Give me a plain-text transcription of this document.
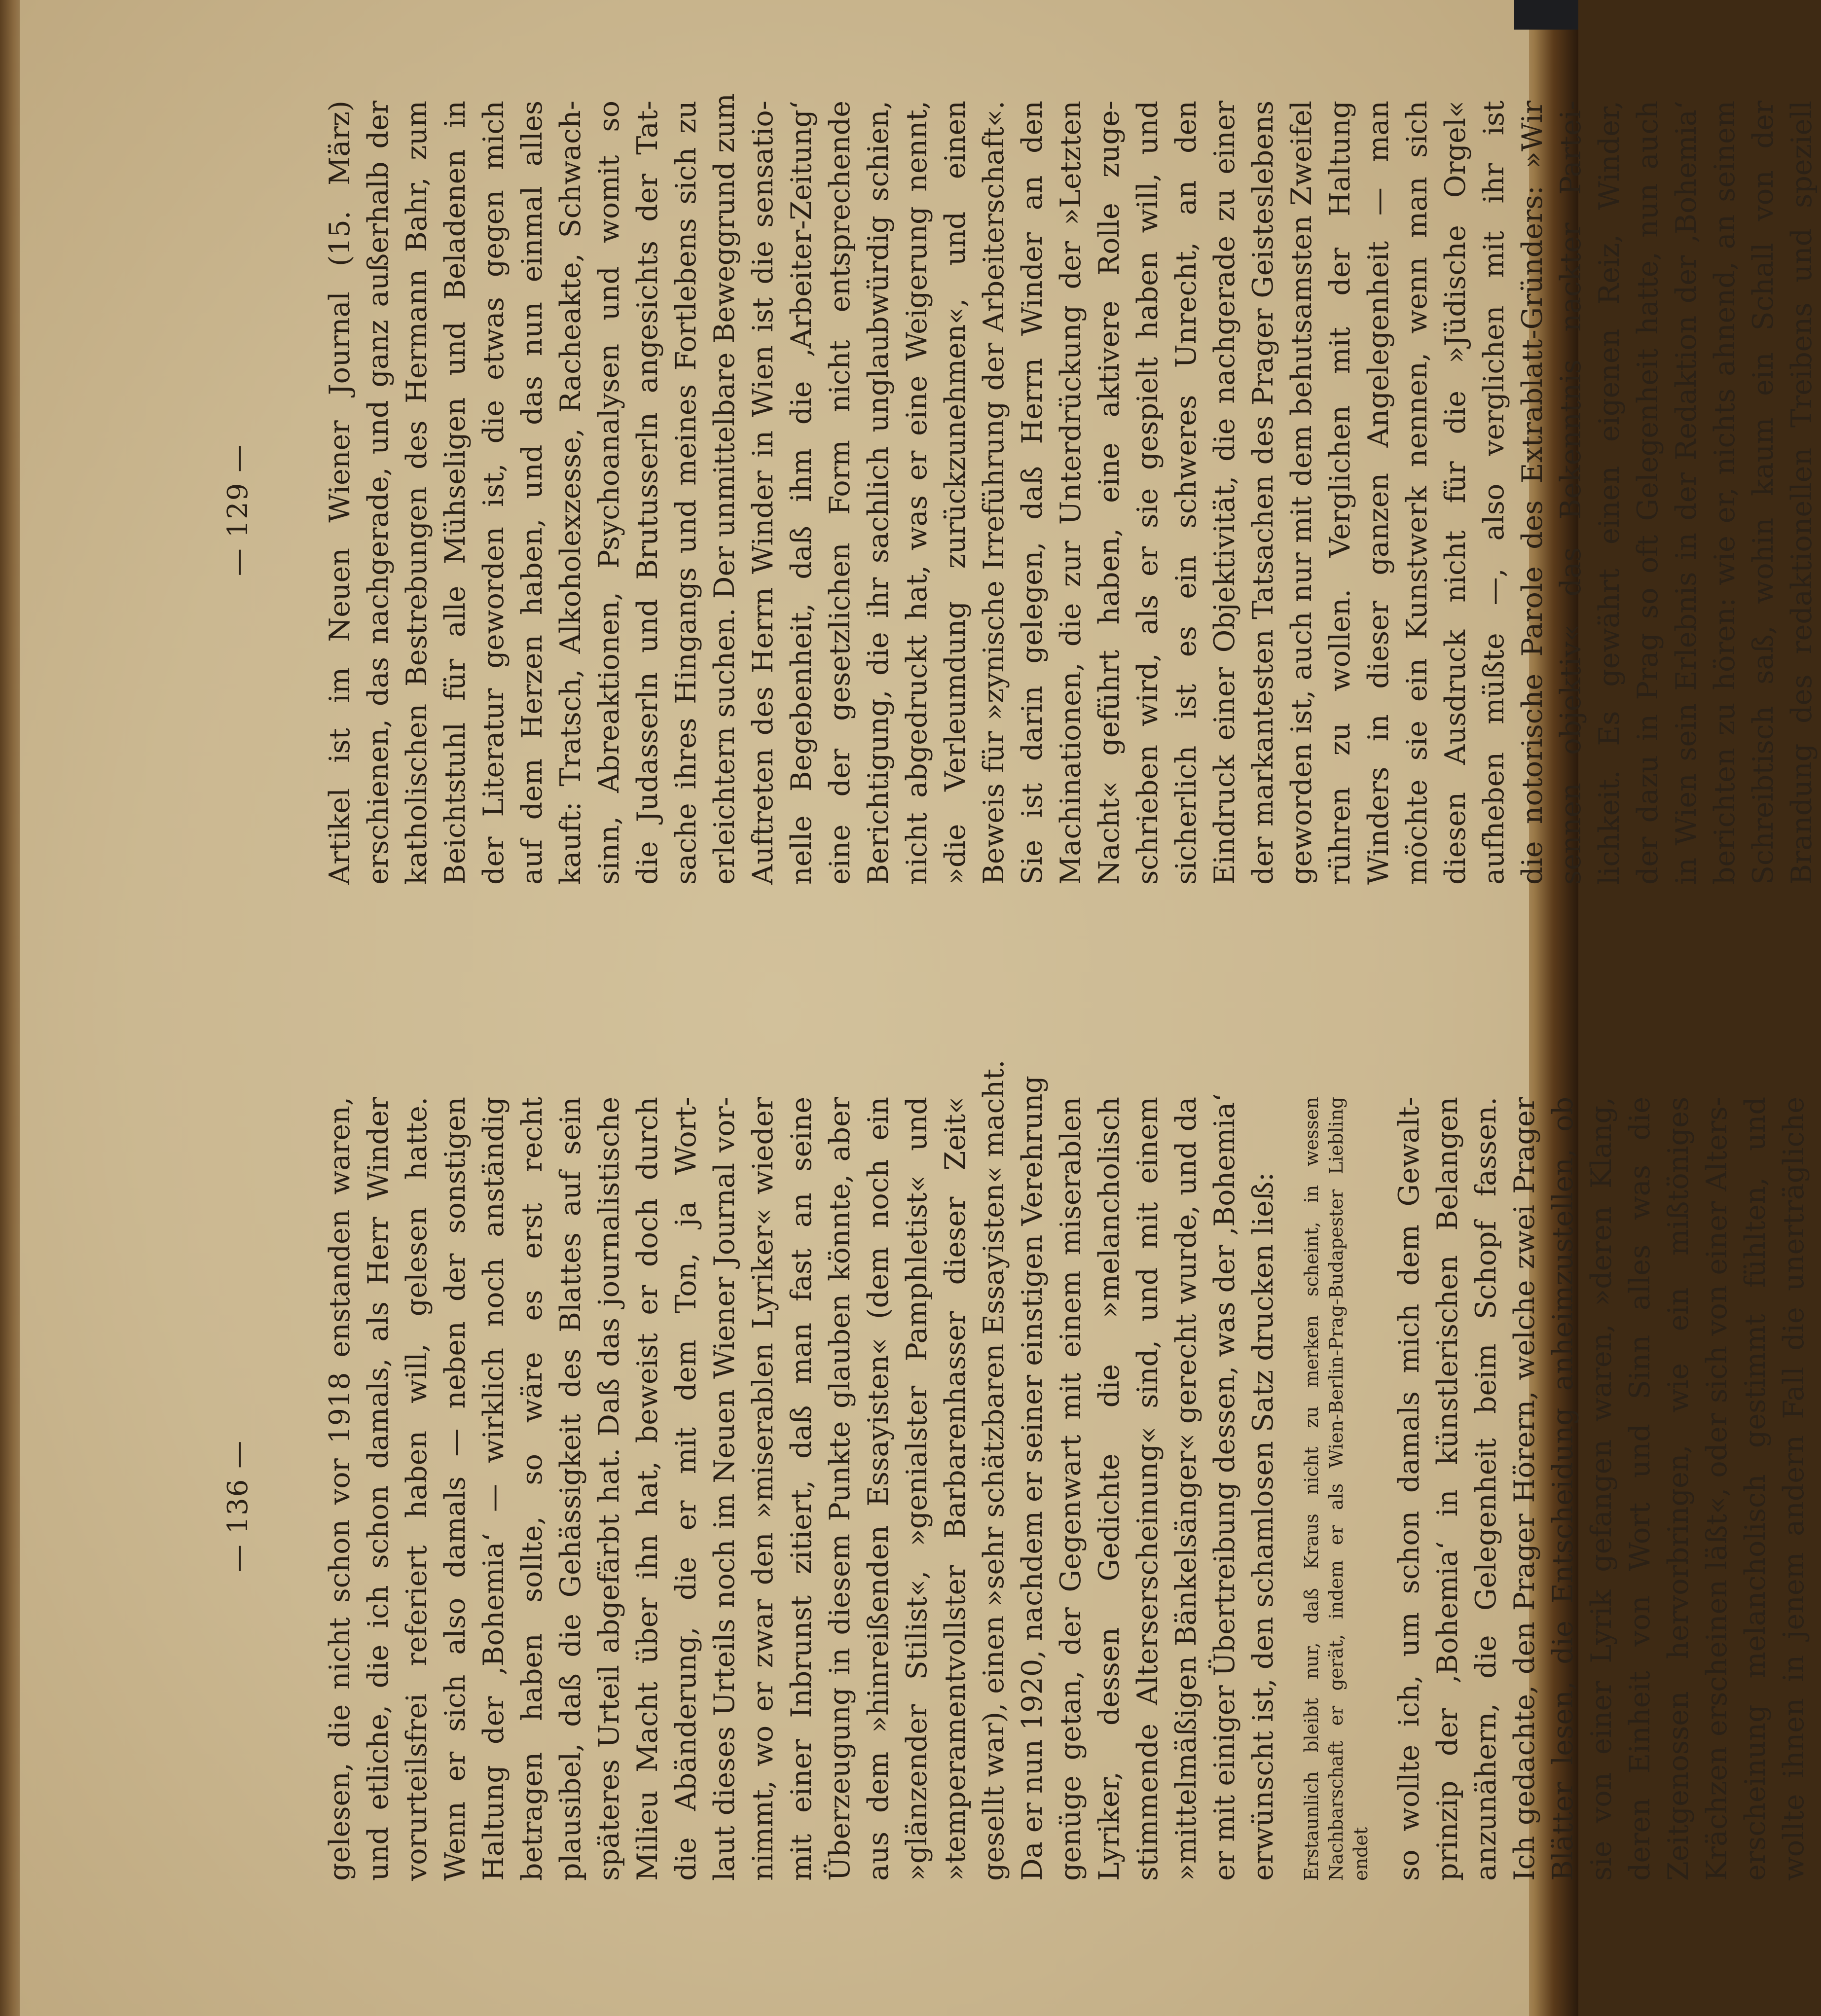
— 136 — gelesen, die nicht schon vor 1918 enstanden waren, und etliche, die ich schon damals, als Herr Winder vorurteilsfrei referiert haben will, gelesen hatte. Wenn er sich also damals — neben der sonstigen Haltung der ‚Bohemia‘ — wirklich noch anständig betragen haben sollte, so wäre es erst recht plausibel, daß die Gehässigkeit des Blattes auf sein späteres Urteil abgefärbt hat. Daß das journalistische Milieu Macht über ihn hat, beweist er doch durch die Abänderung, die er mit dem Ton, ja Wort- laut dieses Urteils noch im Neuen Wiener Journal vor- nimmt, wo er zwar den »miserablen Lyriker« wieder mit einer Inbrunst zitiert, daß man fast an seine Überzeugung in diesem Punkte glauben könnte, aber aus dem »hinreißenden Essayisten« (dem noch ein »glänzender Stilist«, »genialster Pamphletist« und »temperamentvollster Barbarenhasser dieser Zeit« gesellt war), einen »sehr schätzbaren Essayisten« macht. Da er nun 1920, nachdem er seiner einstigen Verehrung genüge getan, der Gegenwart mit einem miserablen Lyriker, dessen Gedichte die »melancholisch stimmende Alterserscheinung« sind, und mit einem »mittelmäßigen Bänkelsänger« gerecht wurde, und da er mit einiger Übertreibung dessen, was der ‚Bohemia‘ erwünscht ist, den schamlosen Satz drucken ließ: Erstaunlich bleibt nur, daß Kraus nicht zu merken scheint, in wessen Nachbarschaft er gerät, indem er als Wien-Berlin-Prag-Budapester Liebling endet so wollte ich, um schon damals mich dem Gewalt- prinzip der ‚Bohemia‘ in künstlerischen Belangen anzunähern, die Gelegenheit beim Schopf fassen. Ich gedachte, den Prager Hörern, welche zwei Prager Blätter lesen, die Entscheidung anheimzustellen, ob sie von einer Lyrik gefangen waren, »deren Klang, deren Einheit von Wort und Sinn alles was die Zeitgenossen hervorbringen, wie ein mißtöniges Krächzen erscheinen läßt«, oder sich von einer Alters- erscheinung melancholisch gestimmt fühlten, und wollte ihnen in jenem andern Fall die unerträgliche
— 129 — Artikel ist im Neuen Wiener Journal (15. März) erschienen, das nachgerade, und ganz außerhalb der katholischen Bestrebungen des Hermann Bahr, zum Beichtstuhl für alle Mühseligen und Beladenen in der Literatur geworden ist, die etwas gegen mich auf dem Herzen haben, und das nun einmal alles kauft: Tratsch, Alkoholexzesse, Racheakte, Schwach- sinn, Abreaktionen, Psychoanalysen und womit so die Judasserln und Brutusserln angesichts der Tat- sache ihres Hingangs und meines Fortlebens sich zu erleichtern suchen. Der unmittelbare Beweggrund zum Auftreten des Herrn Winder in Wien ist die sensatio- nelle Begebenheit, daß ihm die ‚Arbeiter-Zeitung‘ eine der gesetzlichen Form nicht entsprechende Berichtigung, die ihr sachlich unglaubwürdig schien, nicht abgedruckt hat, was er eine Weigerung nennt, »die Verleumdung zurückzunehmen«, und einen Beweis für »zynische Irreführung der Arbeiterschaft«. Sie ist darin gelegen, daß Herrn Winder an den Machinationen, die zur Unterdrückung der »Letzten Nacht« geführt haben, eine aktivere Rolle zuge- schrieben wird, als er sie gespielt haben will, und sicherlich ist es ein schweres Unrecht, an den Eindruck einer Objektivität, die nachgerade zu einer der markantesten Tatsachen des Prager Geisteslebens geworden ist, auch nur mit dem behutsamsten Zweifel rühren zu wollen. Verglichen mit der Haltung Winders in dieser ganzen Angelegenheit — man möchte sie ein Kunstwerk nennen, wenn man sich diesen Ausdruck nicht für die »Jüdische Orgel« aufheben müßte —, also verglichen mit ihr ist die notorische Parole des Extrablatt-Gründers: »Wir sennen objektiv« das Bekenntnis nackter Partei- lichkeit. Es gewährt einen eigenen Reiz, Winder, der dazu in Prag so oft Gelegenheit hatte, nun auch in Wien sein Erlebnis in der Redaktion der ‚Bohemia‘ berichten zu hören: wie er, nichts ahnend, an seinem Schreibtisch saß, wohin kaum ein Schall von der Brandung des redaktionellen Treibens und speziell
